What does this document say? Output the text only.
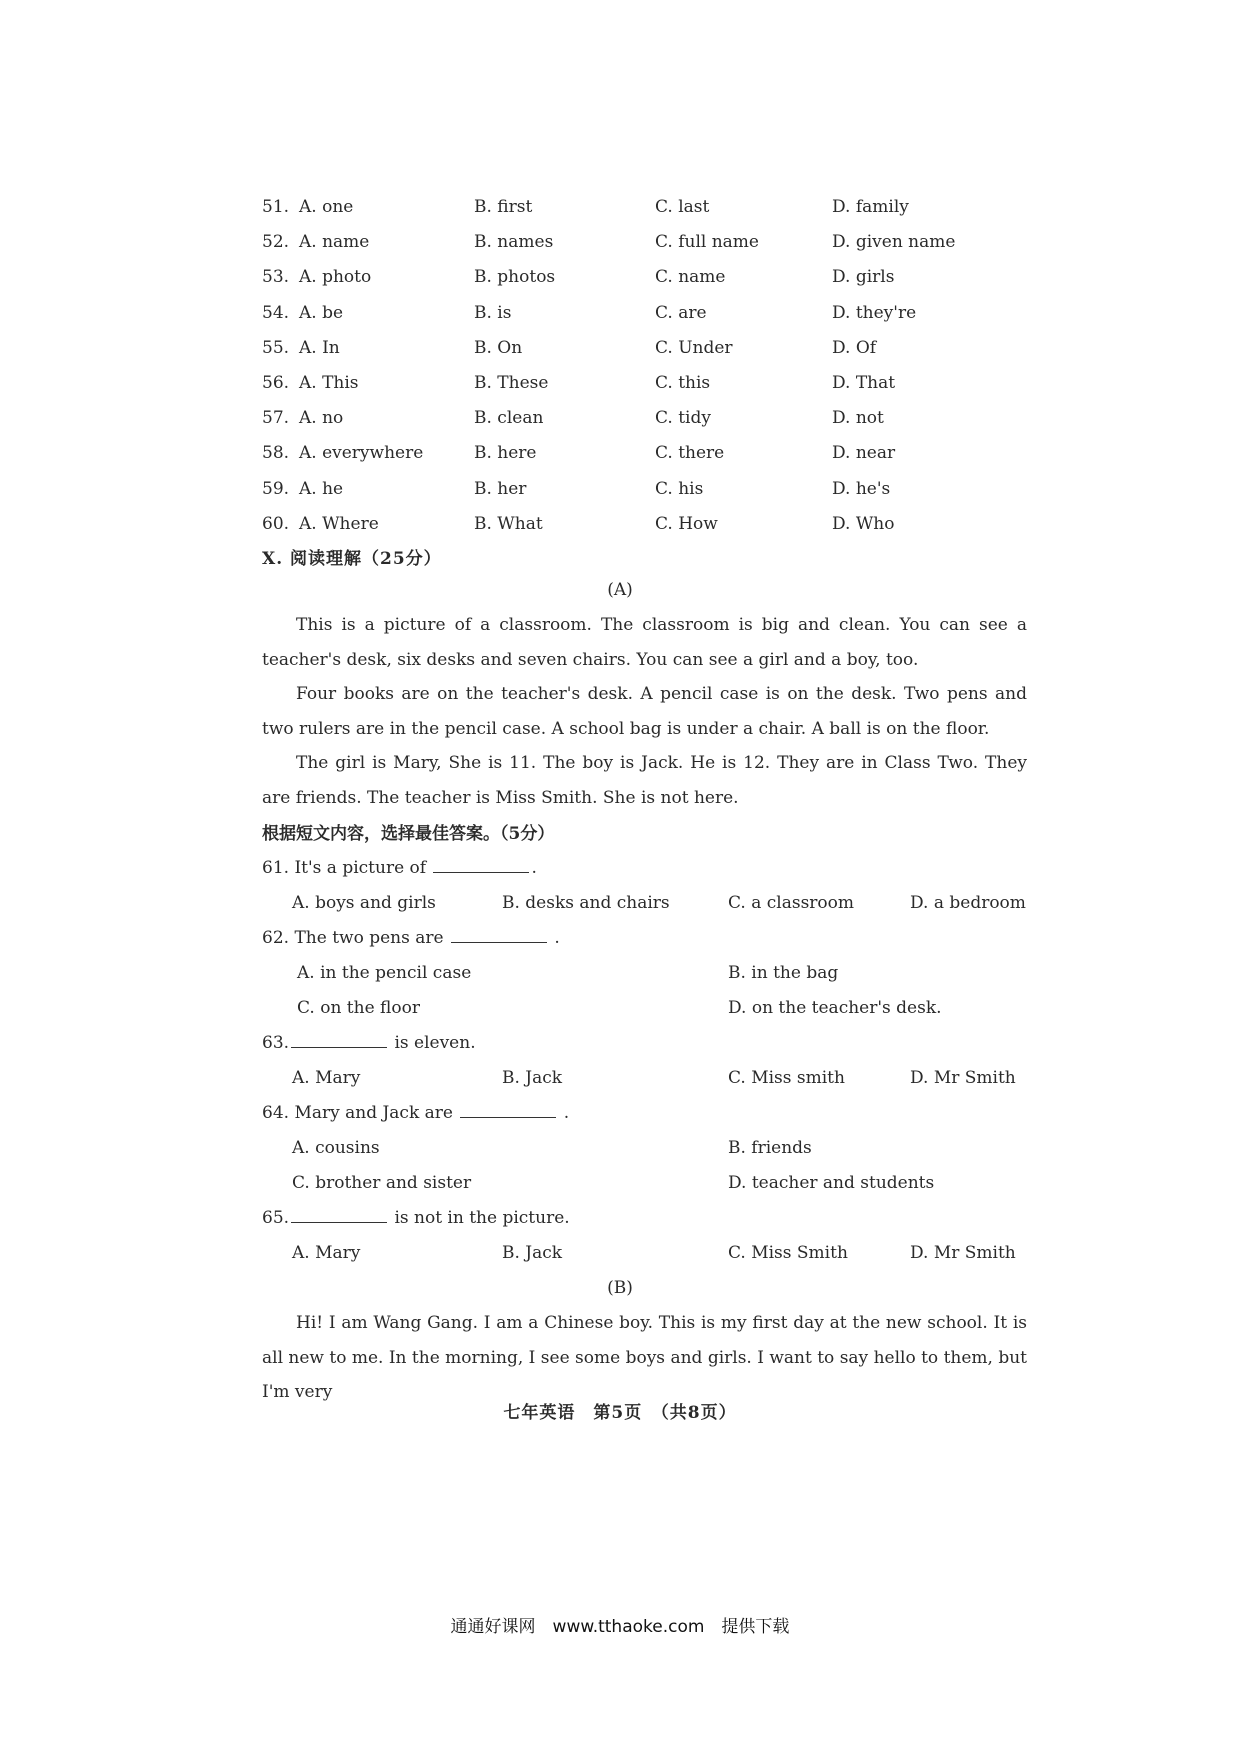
51. A. one	B. first	C. last	D. family
52. A. name	B. names	C. full name	D. given name
53. A. photo	B. photos	C. name	D. girls
54. A. be	B. is	C. are	D. they're
55. A. In	B. On	C. Under	D. Of
56. A. This	B. These	C. this	D. That
57. A. no	B. clean	C. tidy	D. not
58. A. everywhere	B. here	C. there	D. near
59. A. he	B. her	C. his	D. he's
60. A. Where	B. What	C. How	D. Who
Ⅹ. 阅读理解（25分）
(A)

This is a picture of a classroom. The classroom is big and clean. You can see a teacher's desk, six desks and seven chairs. You can see a girl and a boy, too.

Four books are on the teacher's desk. A pencil case is on the desk. Two pens and two rulers are in the pencil case. A school bag is under a chair. A ball is on the floor.

The girl is Mary, She is 11. The boy is Jack. He is 12. They are in Class Two. They are friends. The teacher is Miss Smith. She is not here.

根据短文内容，选择最佳答案。（5分）
61. It's a picture of	.
A. boys and girls	B. desks and chairs	C. a classroom	D. a bedroom
62. The two pens are	.
A. in the pencil case	B. in the bag
C. on the floor	D. on the teacher's desk.
63.	is eleven.
A. Mary	B. Jack	C. Miss smith	D. Mr Smith
64. Mary and Jack are	.
A. cousins	B. friends
C. brother and sister	D. teacher and students
65.	is not in the picture.
A. Mary	B. Jack	C. Miss Smith	D. Mr Smith
(B)

Hi! I am Wang Gang. I am a Chinese boy. This is my first day at the new school. It is all new to me. In the morning, I see some boys and girls. I want to say hello to them, but I'm very

七年英语　第5页　（共8页）
通通好课网　www.tthaoke.com　提供下载
